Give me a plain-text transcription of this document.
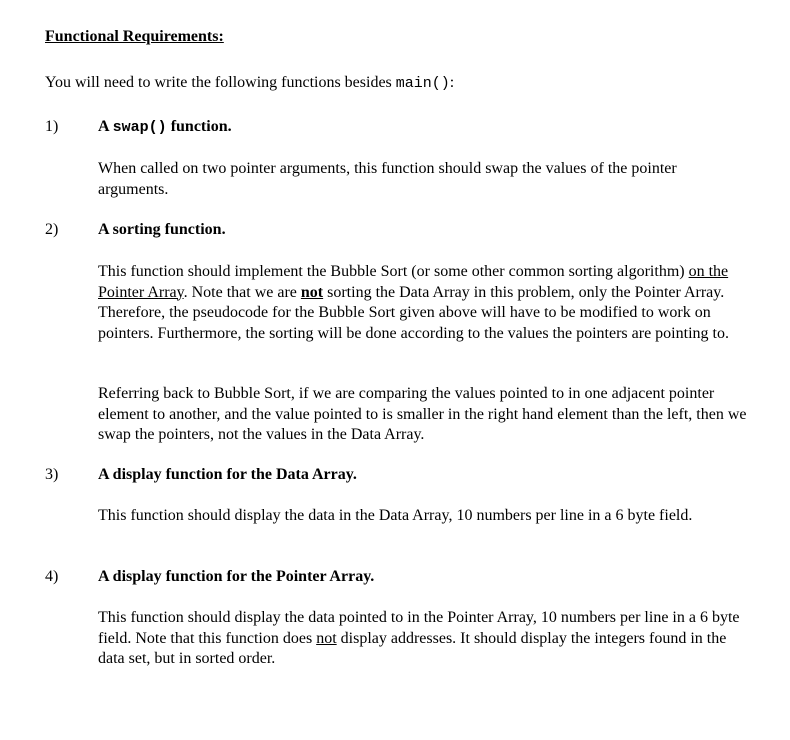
Functional Requirements:
You will need to write the following functions besides main():
1) A swap() function.
When called on two pointer arguments, this function should swap the values of the pointer arguments.
2) A sorting function.
This function should implement the Bubble Sort (or some other common sorting algorithm) on the Pointer Array. Note that we are not sorting the Data Array in this problem, only the Pointer Array. Therefore, the pseudocode for the Bubble Sort given above will have to be modified to work on pointers. Furthermore, the sorting will be done according to the values the pointers are pointing to.
Referring back to Bubble Sort, if we are comparing the values pointed to in one adjacent pointer element to another, and the value pointed to is smaller in the right hand element than the left, then we swap the pointers, not the values in the Data Array.
3) A display function for the Data Array.
This function should display the data in the Data Array, 10 numbers per line in a 6 byte field.
4) A display function for the Pointer Array.
This function should display the data pointed to in the Pointer Array, 10 numbers per line in a 6 byte field. Note that this function does not display addresses. It should display the integers found in the data set, but in sorted order.
